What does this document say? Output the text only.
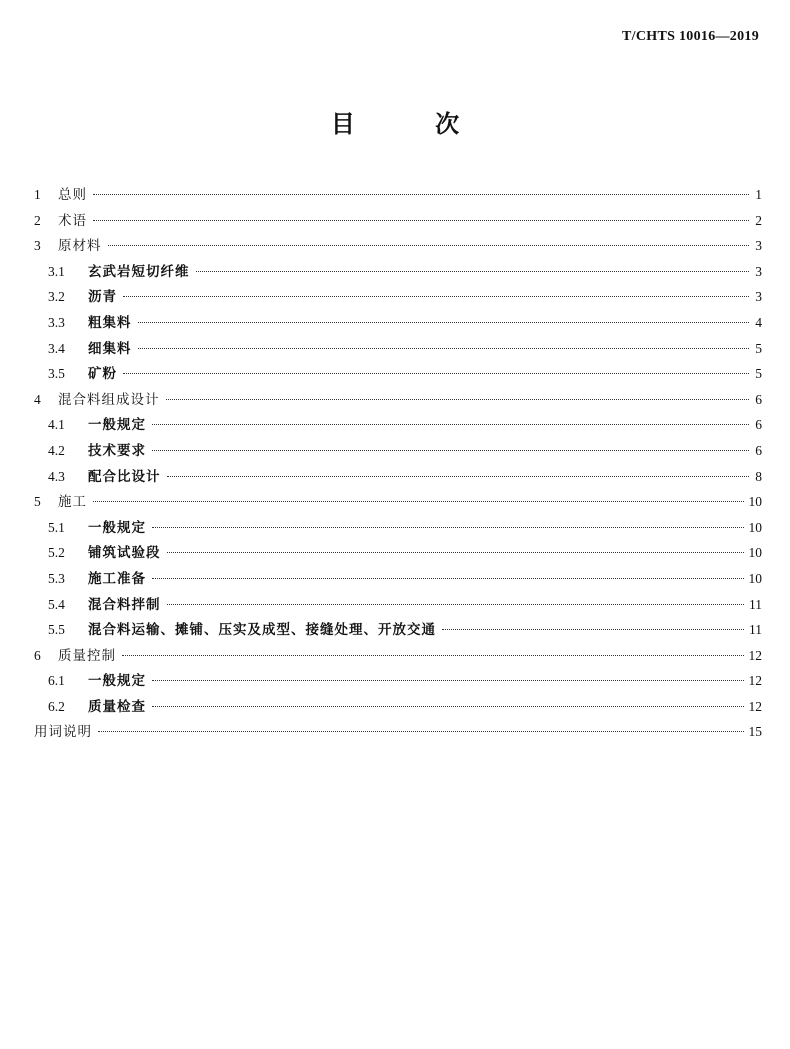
T/CHTS 10016—2019
目 次
1	总则	1
2	术语	2
3	原材料	3
3.1	玄武岩短切纤维	3
3.2	沥青	3
3.3	粗集料	4
3.4	细集料	5
3.5	矿粉	5
4	混合料组成设计	6
4.1	一般规定	6
4.2	技术要求	6
4.3	配合比设计	8
5	施工	10
5.1	一般规定	10
5.2	铺筑试验段	10
5.3	施工准备	10
5.4	混合料拌制	11
5.5	混合料运输、摊铺、压实及成型、接缝处理、开放交通	11
6	质量控制	12
6.1	一般规定	12
6.2	质量检查	12
用词说明	15
